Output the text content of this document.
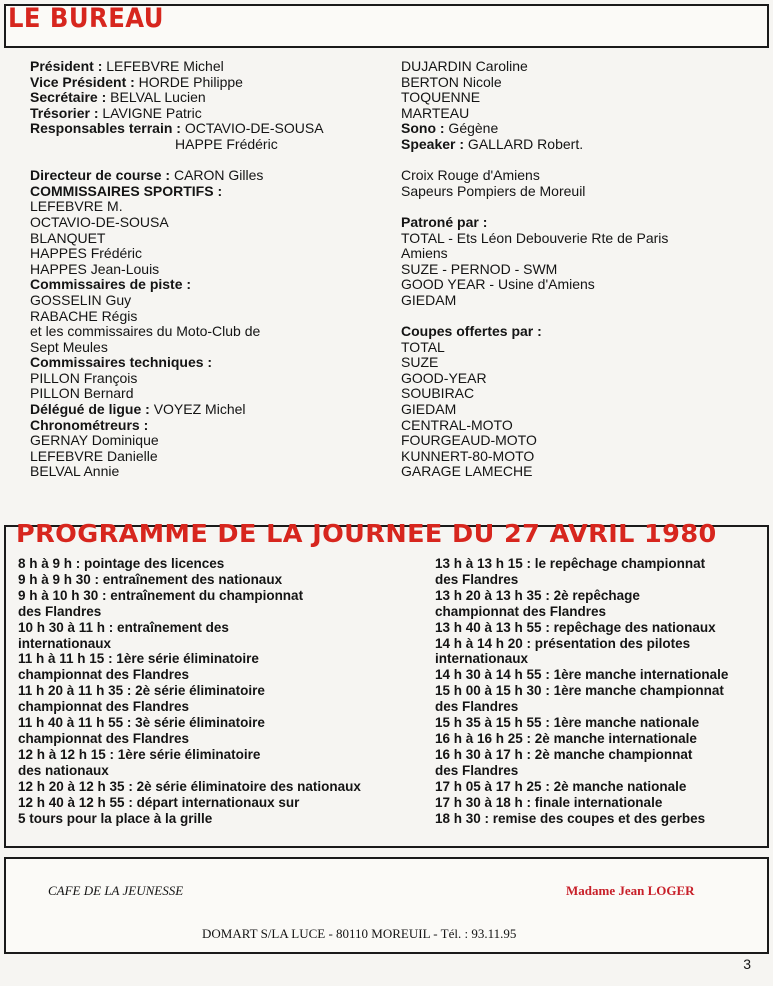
LE BUREAU
Président : LEFEBVRE Michel
Vice Président : HORDE Philippe
Secrétaire : BELVAL Lucien
Trésorier : LAVIGNE Patric
Responsables terrain : OCTAVIO-DE-SOUSA
HAPPE Frédéric
Directeur de course : CARON Gilles
COMMISSAIRES SPORTIFS :
LEFEBVRE M.
OCTAVIO-DE-SOUSA
BLANQUET
HAPPES Frédéric
HAPPES Jean-Louis
Commissaires de piste :
GOSSELIN Guy
RABACHE Régis
et les commissaires du Moto-Club de
Sept Meules
Commissaires techniques :
PILLON François
PILLON Bernard
Délégué de ligue : VOYEZ Michel
Chronométreurs :
GERNAY Dominique
LEFEBVRE Danielle
BELVAL Annie
DUJARDIN Caroline
BERTON Nicole
TOQUENNE
MARTEAU
Sono : Gégène
Speaker : GALLARD Robert.
Croix Rouge d'Amiens
Sapeurs Pompiers de Moreuil
Patroné par :
TOTAL - Ets Léon Debouverie Rte de Paris
Amiens
SUZE - PERNOD - SWM
GOOD YEAR - Usine d'Amiens
GIEDAM
Coupes offertes par :
TOTAL
SUZE
GOOD-YEAR
SOUBIRAC
GIEDAM
CENTRAL-MOTO
FOURGEAUD-MOTO
KUNNERT-80-MOTO
GARAGE LAMECHE
PROGRAMME DE LA JOURNEE DU 27 AVRIL 1980
8 h à 9 h : pointage des licences
9 h à 9 h 30 : entraînement des nationaux
9 h à 10 h 30 : entraînement du championnat
des Flandres
10 h 30 à 11 h : entraînement des
internationaux
11 h à 11 h 15 : 1ère série éliminatoire
championnat des Flandres
11 h 20 à 11 h 35 : 2è série éliminatoire
championnat des Flandres
11 h 40 à 11 h 55 : 3è série éliminatoire
championnat des Flandres
12 h à 12 h 15 : 1ère série éliminatoire
des nationaux
12 h 20 à 12 h 35 : 2è série éliminatoire des nationaux
12 h 40 à 12 h 55 : départ internationaux sur
5 tours pour la place à la grille
13 h à 13 h 15 : le repêchage championnat
des Flandres
13 h 20 à 13 h 35 : 2è repêchage
championnat des Flandres
13 h 40 à 13 h 55 : repêchage des nationaux
14 h à 14 h 20 : présentation des pilotes
internationaux
14 h 30 à 14 h 55 : 1ère manche internationale
15 h 00 à 15 h 30 : 1ère manche championnat
des Flandres
15 h 35 à 15 h 55 : 1ère manche nationale
16 h à 16 h 25 : 2è manche internationale
16 h 30 à 17 h : 2è manche championnat
des Flandres
17 h 05 à 17 h 25 : 2è manche nationale
17 h 30 à 18 h : finale internationale
18 h 30 : remise des coupes et des gerbes
CAFE DE LA JEUNESSE	Madame Jean LOGER
DOMART S/LA LUCE - 80110 MOREUIL - Tél. : 93.11.95
3
